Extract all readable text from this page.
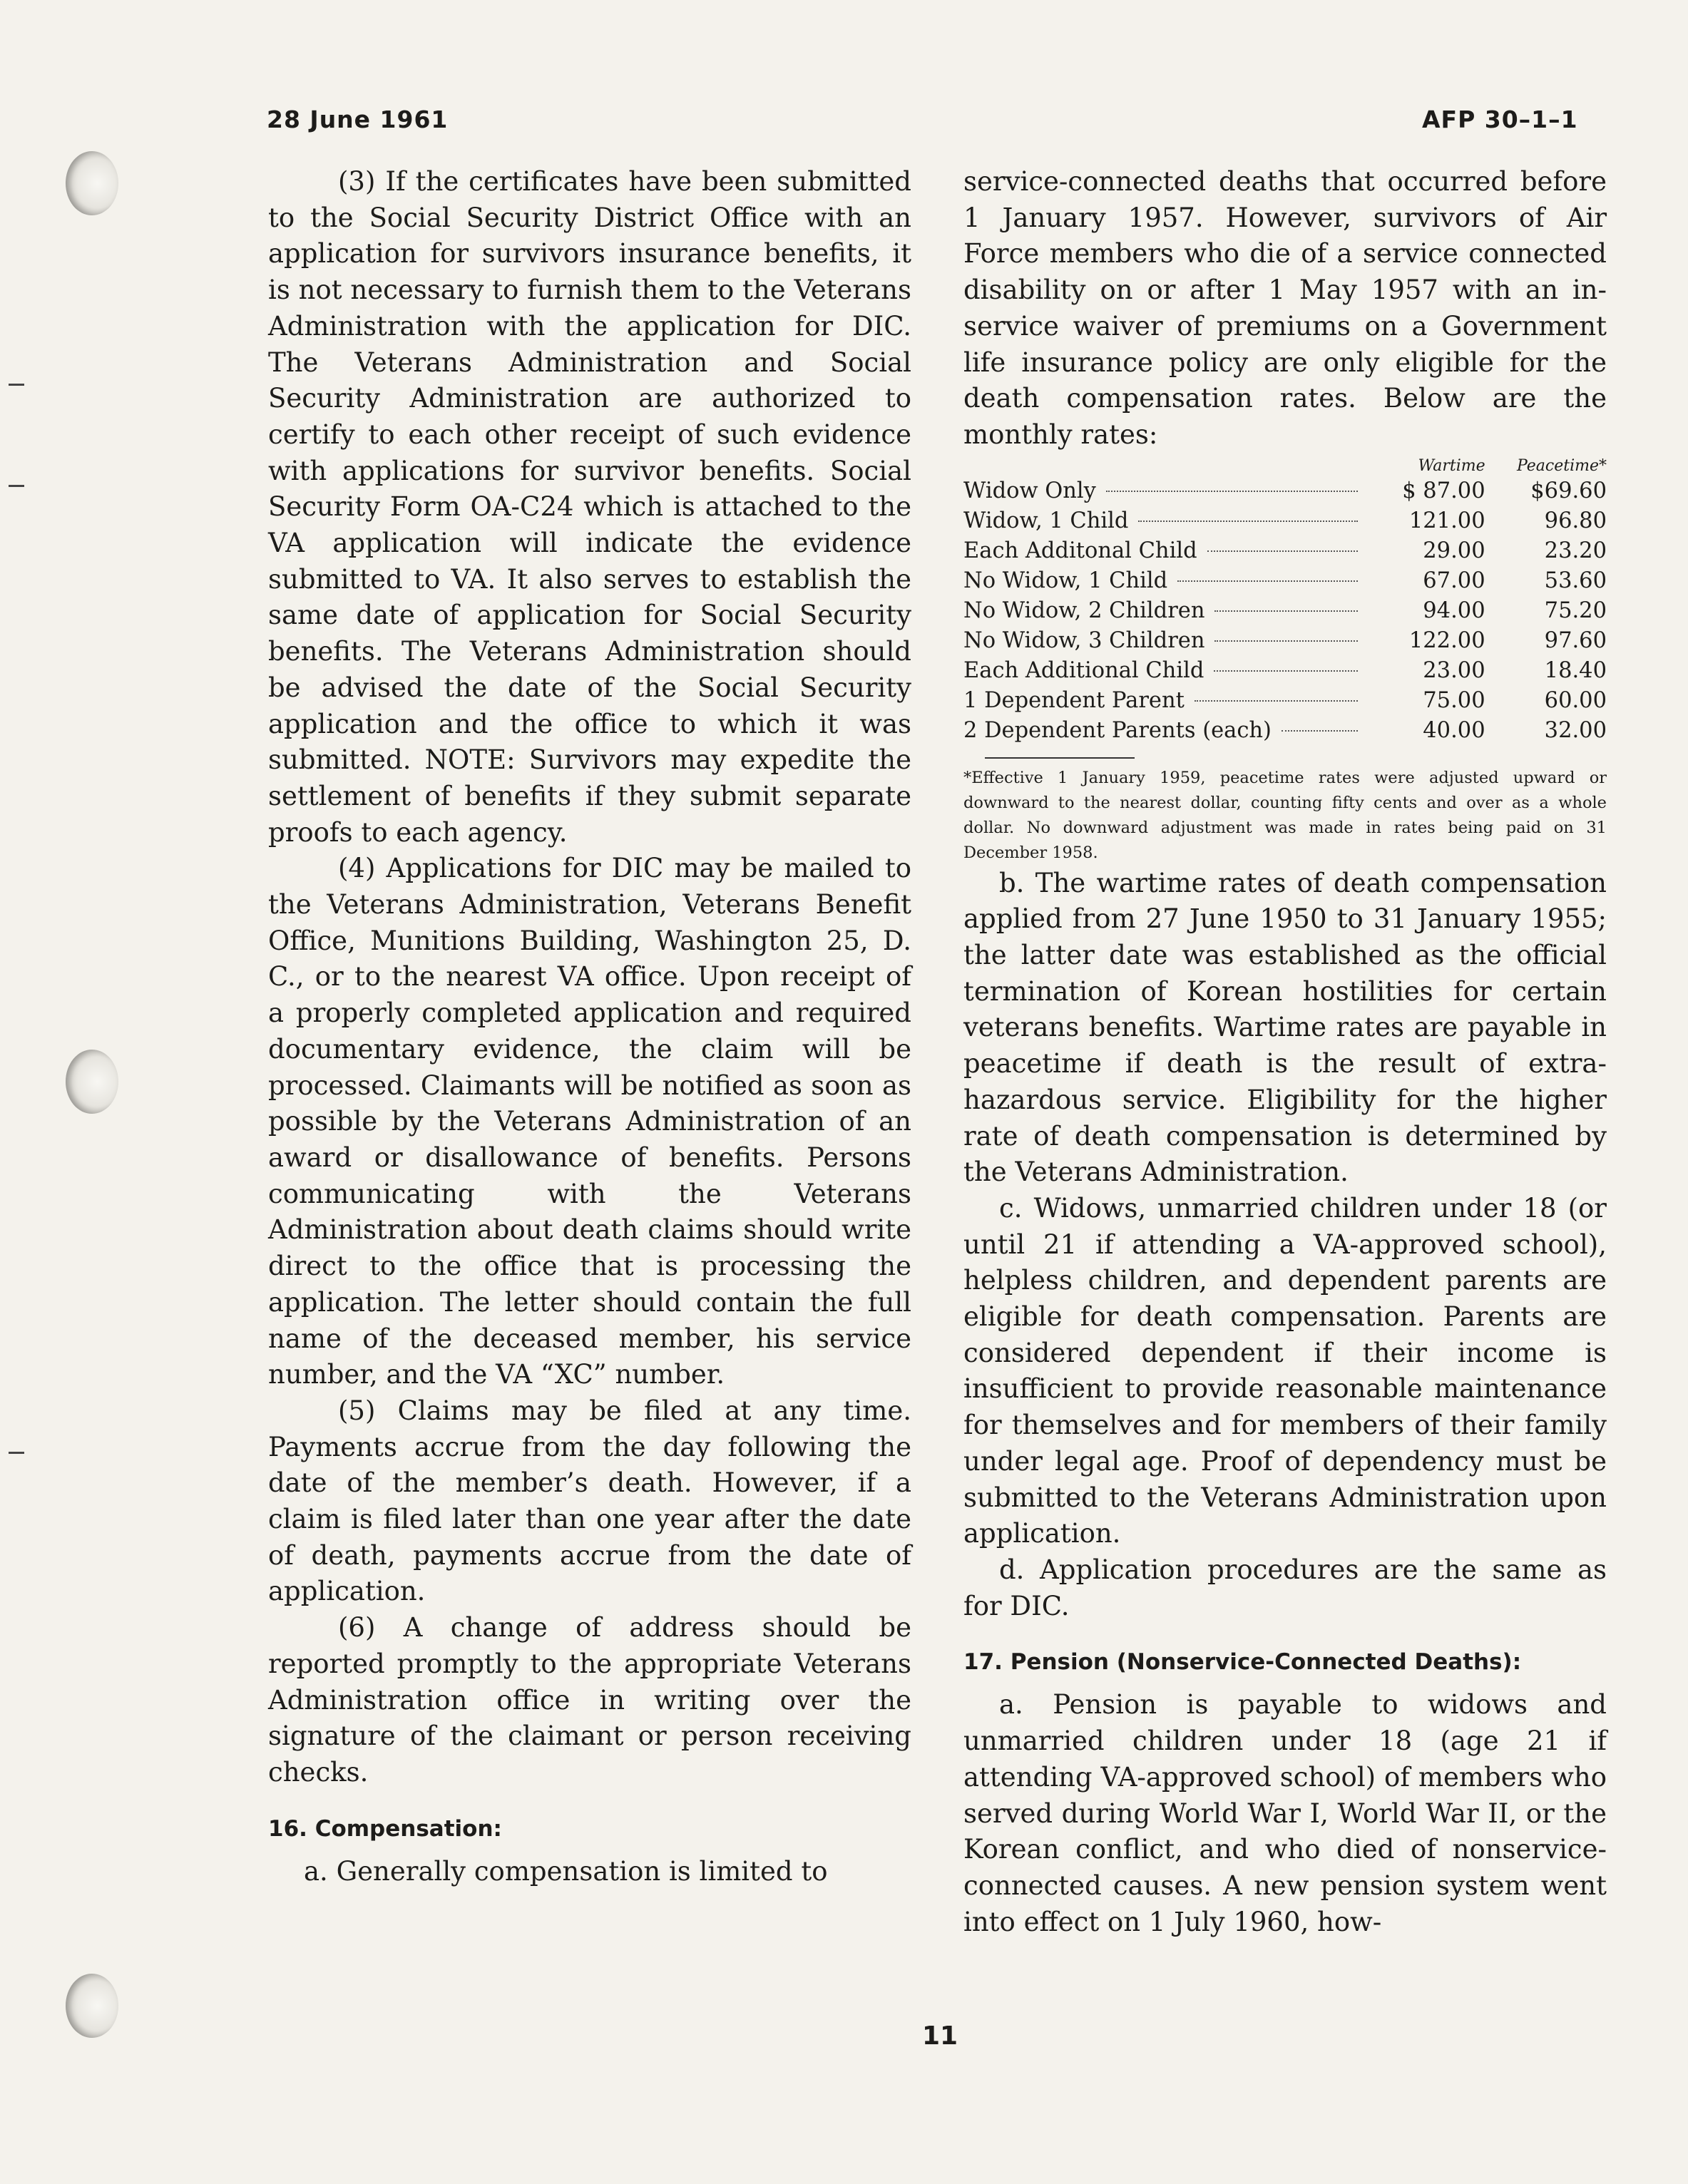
28 June 1961	AFP 30–1–1

(3) If the certificates have been submitted to the Social Security District Office with an application for survivors insurance benefits, it is not necessary to furnish them to the Veterans Administration with the application for DIC. The Veterans Administration and Social Security Administration are authorized to certify to each other receipt of such evidence with applications for survivor benefits. Social Security Form OA-C24 which is attached to the VA application will indicate the evidence submitted to VA. It also serves to establish the same date of application for Social Security benefits. The Veterans Administration should be advised the date of the Social Security application and the office to which it was submitted. NOTE: Survivors may expedite the settlement of benefits if they submit separate proofs to each agency.

(4) Applications for DIC may be mailed to the Veterans Administration, Veterans Benefit Office, Munitions Building, Washington 25, D. C., or to the nearest VA office. Upon receipt of a properly completed application and required documentary evidence, the claim will be processed. Claimants will be notified as soon as possible by the Veterans Administration of an award or disallowance of benefits. Persons communicating with the Veterans Administration about death claims should write direct to the office that is processing the application. The letter should contain the full name of the deceased member, his service number, and the VA “XC” number.

(5) Claims may be filed at any time. Payments accrue from the day following the date of the member’s death. However, if a claim is filed later than one year after the date of death, payments accrue from the date of application.

(6) A change of address should be reported promptly to the appropriate Veterans Administration office in writing over the signature of the claimant or person receiving checks.

16. Compensation:

a. Generally compensation is limited to

service-connected deaths that occurred before 1 January 1957. However, survivors of Air Force members who die of a service connected disability on or after 1 May 1957 with an in-service waiver of premiums on a Government life insurance policy are only eligible for the death compensation rates. Below are the monthly rates:

	Wartime	Peacetime*

Widow Only	$ 87.00	$69.60

Widow, 1 Child	121.00	96.80

Each Additonal Child	29.00	23.20

No Widow, 1 Child	67.00	53.60

No Widow, 2 Children	94.00	75.20

No Widow, 3 Children	122.00	97.60

Each Additional Child	23.00	18.40

1 Dependent Parent	75.00	60.00

2 Dependent Parents (each)	40.00	32.00

*Effective 1 January 1959, peacetime rates were adjusted upward or downward to the nearest dollar, counting fifty cents and over as a whole dollar. No downward adjustment was made in rates being paid on 31 December 1958.

b. The wartime rates of death compensation applied from 27 June 1950 to 31 January 1955; the latter date was established as the official termination of Korean hostilities for certain veterans benefits. Wartime rates are payable in peacetime if death is the result of extra-hazardous service. Eligibility for the higher rate of death compensation is determined by the Veterans Administration.

c. Widows, unmarried children under 18 (or until 21 if attending a VA-approved school), helpless children, and dependent parents are eligible for death compensation. Parents are considered dependent if their income is insufficient to provide reasonable maintenance for themselves and for members of their family under legal age. Proof of dependency must be submitted to the Veterans Administration upon application.

d. Application procedures are the same as for DIC.

17. Pension (Nonservice-Connected Deaths):

a. Pension is payable to widows and unmarried children under 18 (age 21 if attending VA-approved school) of members who served during World War I, World War II, or the Korean conflict, and who died of nonservice-connected causes. A new pension system went into effect on 1 July 1960, how-

11
